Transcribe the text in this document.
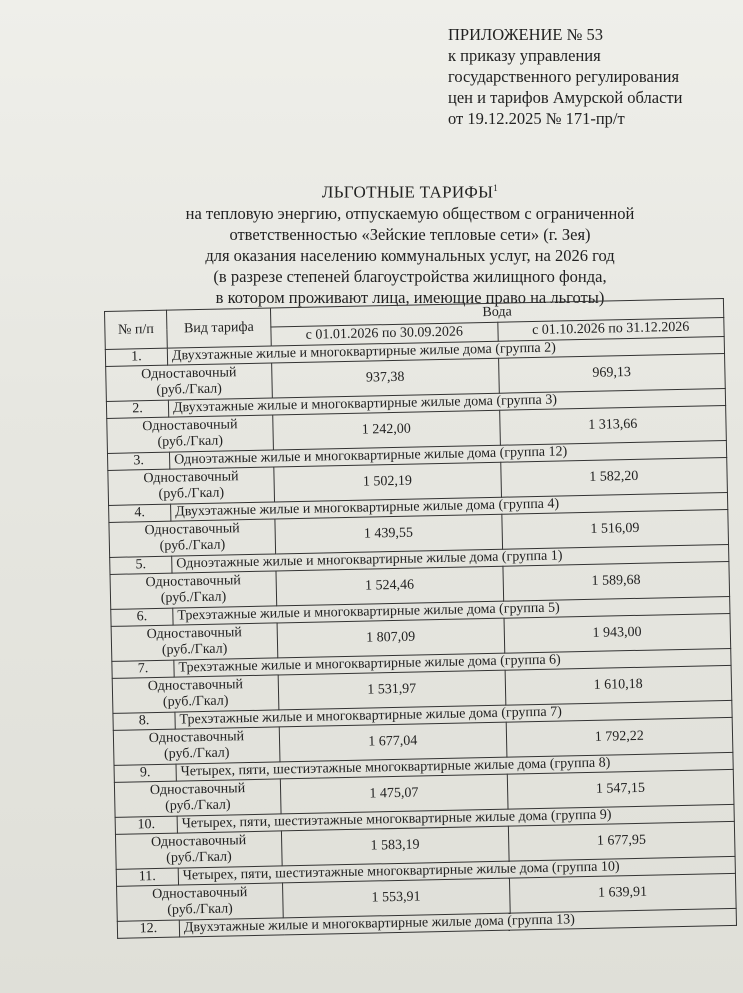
ПРИЛОЖЕНИЕ № 53
к приказу управления
государственного регулирования
цен и тарифов Амурской области
от 19.12.2025 № 171-пр/т
ЛЬГОТНЫЕ ТАРИФЫ$^1$
на тепловую энергию, отпускаемую обществом с ограниченной
ответственностью «Зейские тепловые сети» (г. Зея)
для оказания населению коммунальных услуг, на 2026 год
(в разрезе степеней благоустройства жилищного фонда,
в котором проживают лица, имеющие право на льготы)
№ п/п	Вид тарифа	Вода	
		с 01.01.2026 по 30.09.2026	с 01.10.2026 по 31.12.2026
1.	Двухэтажные жилые и многоквартирные жилые дома (группа 2)		

Одноставочный
(руб./Гкал)		937,38	969,13
2.	Двухэтажные жилые и многоквартирные жилые дома (группа 3)		

Одноставочный
(руб./Гкал)		1 242,00	1 313,66
3.	Одноэтажные жилые и многоквартирные жилые дома (группа 12)		

Одноставочный
(руб./Гкал)		1 502,19	1 582,20
4.	Двухэтажные жилые и многоквартирные жилые дома (группа 4)		

Одноставочный
(руб./Гкал)		1 439,55	1 516,09
5.	Одноэтажные жилые и многоквартирные жилые дома (группа 1)		

Одноставочный
(руб./Гкал)		1 524,46	1 589,68
6.	Трехэтажные жилые и многоквартирные жилые дома (группа 5)		

Одноставочный
(руб./Гкал)		1 807,09	1 943,00
7.	Трехэтажные жилые и многоквартирные жилые дома (группа 6)		

Одноставочный
(руб./Гкал)		1 531,97	1 610,18
8.	Трехэтажные жилые и многоквартирные жилые дома (группа 7)		

Одноставочный
(руб./Гкал)		1 677,04	1 792,22
9.	Четырех, пяти, шестиэтажные многоквартирные жилые дома (группа 8)		

Одноставочный
(руб./Гкал)		1 475,07	1 547,15
10.	Четырех, пяти, шестиэтажные многоквартирные жилые дома (группа 9)		

Одноставочный
(руб./Гкал)		1 583,19	1 677,95
11.	Четырех, пяти, шестиэтажные многоквартирные жилые дома (группа 10)		

Одноставочный
(руб./Гкал)		1 553,91	1 639,91
12.	Двухэтажные жилые и многоквартирные жилые дома (группа 13)		
